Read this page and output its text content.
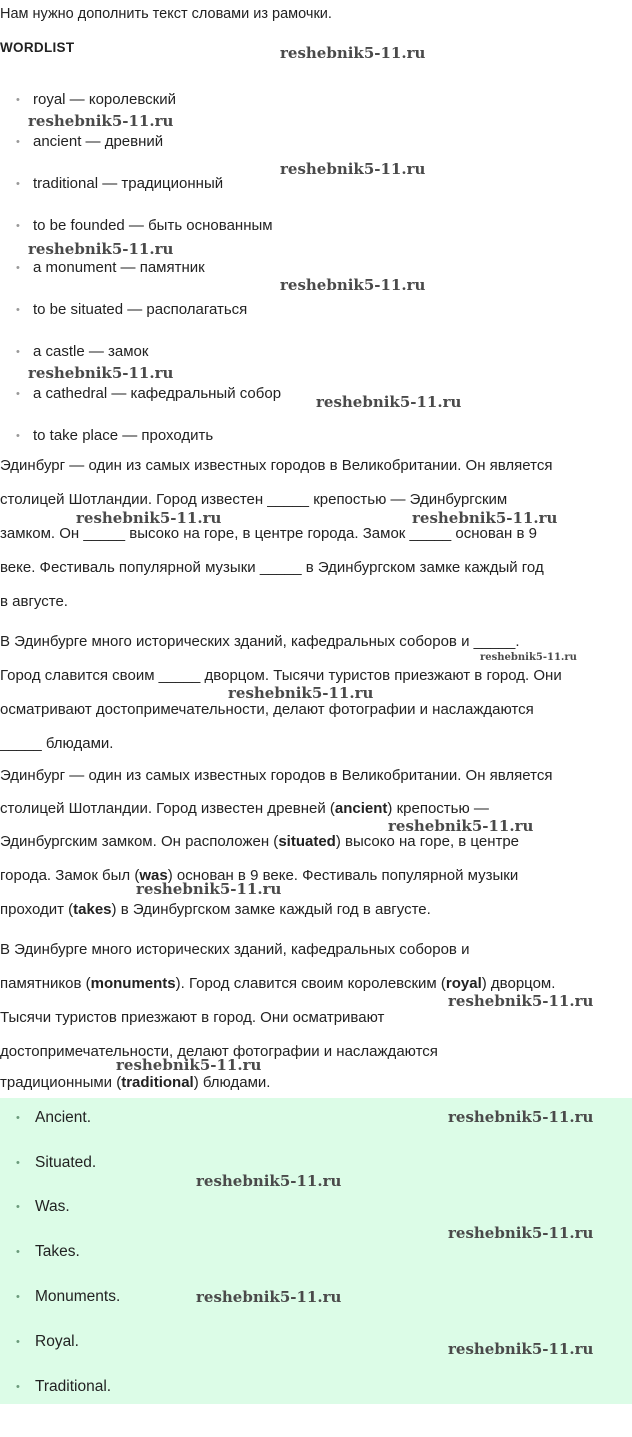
Нам нужно дополнить текст словами из рамочки.
WORDLIST
• royal — королевский
• ancient — древний
• traditional — традиционный
• to be founded — быть основанным
• a monument — памятник
• to be situated — располагаться
• a castle — замок
• a cathedral — кафедральный собор
• to take place — проходить
Эдинбург — один из самых известных городов в Великобритании. Он является
столицей Шотландии. Город известен _____ крепостью — Эдинбургским
замком. Он _____ высоко на горе, в центре города. Замок _____ основан в 9
веке. Фестиваль популярной музыки _____ в Эдинбургском замке каждый год
в августе.
В Эдинбурге много исторических зданий, кафедральных соборов и _____.
Город славится своим _____ дворцом. Тысячи туристов приезжают в город. Они
осматривают достопримечательности, делают фотографии и наслаждаются
_____ блюдами.
Эдинбург — один из самых известных городов в Великобритании. Он является
столицей Шотландии. Город известен древней (ancient) крепостью —
Эдинбургским замком. Он расположен (situated) высоко на горе, в центре
города. Замок был (was) основан в 9 веке. Фестиваль популярной музыки
проходит (takes) в Эдинбургском замке каждый год в августе.
В Эдинбурге много исторических зданий, кафедральных соборов и
памятников (monuments). Город славится своим королевским (royal) дворцом.
Тысячи туристов приезжают в город. Они осматривают
достопримечательности, делают фотографии и наслаждаются
традиционными (traditional) блюдами.
• Ancient.
• Situated.
• Was.
• Takes.
• Monuments.
• Royal.
• Traditional.
reshebnik5-11.ru
reshebnik5-11.ru
reshebnik5-11.ru
reshebnik5-11.ru
reshebnik5-11.ru
reshebnik5-11.ru
reshebnik5-11.ru
reshebnik5-11.ru	reshebnik5-11.ru
reshebnik5-11.ru
reshebnik5-11.ru
reshebnik5-11.ru
reshebnik5-11.ru
reshebnik5-11.ru
reshebnik5-11.ru
reshebnik5-11.ru
reshebnik5-11.ru
reshebnik5-11.ru
reshebnik5-11.ru
reshebnik5-11.ru
